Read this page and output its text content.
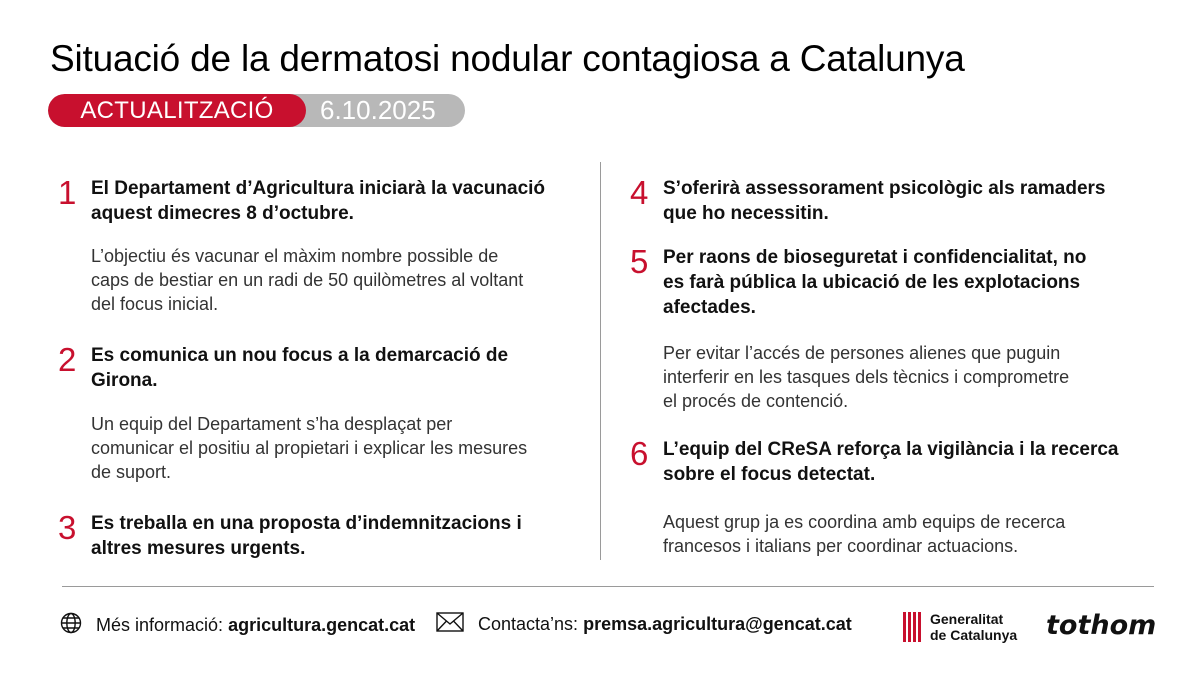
Situació de la dermatosi nodular contagiosa a Catalunya
ACTUALITZACIÓ	6.10.2025
1 El Departament d’Agricultura iniciarà la vacunació
aquest dimecres 8 d’octubre.
L’objectiu és vacunar el màxim nombre possible de
caps de bestiar en un radi de 50 quilòmetres al voltant
del focus inicial.
2 Es comunica un nou focus a la demarcació de
Girona.
Un equip del Departament s’ha desplaçat per
comunicar el positiu al propietari i explicar les mesures
de suport.
3 Es treballa en una proposta d’indemnitzacions i
altres mesures urgents.
4 S’oferirà assessorament psicològic als ramaders
que ho necessitin.
5 Per raons de bioseguretat i confidencialitat, no
es farà pública la ubicació de les explotacions
afectades.
Per evitar l’accés de persones alienes que puguin
interferir en les tasques dels tècnics i comprometre
el procés de contenció.
6 L’equip del CReSA reforça la vigilància i la recerca
sobre el focus detectat.
Aquest grup ja es coordina amb equips de recerca
francesos i italians per coordinar actuacions.
Més informació:
agricultura.gencat.cat	Contacta’ns:
premsa.agricultura@gencat.cat	Generalitat
de Catalunya tothom
